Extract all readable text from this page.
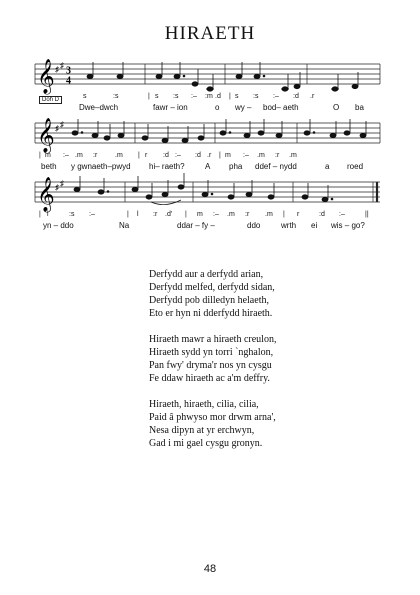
HIRAETH
𝄞 ♯ ♯ 3
4
Doh D	s	:s	| s :s :– :m .d | s :s :– :d .r
Dwe–dwch	fawr – ion	o wy – bod– aeth	O ba
𝄞 ♯ ♯
| m :– .m :r	.m | r :d :– :d .r | m :– .m :r .m
beth y gwnaeth–pwyd hi– raeth?	A pha ddef – nydd	a roed
𝄞 ♯ ♯
| l	:s :–	| l :r .d' | m :– .m :r .m | r	:d :–	||
yn – ddo	Na	ddar – fy –	ddo	wrth ei wis – go?
Derfydd aur a derfydd arian,
Derfydd melfed, derfydd sidan,
Derfydd pob dilledyn helaeth,
Eto er hyn ni dderfydd hiraeth.
Hiraeth mawr a hiraeth creulon,
Hiraeth sydd yn torri `nghalon,
Pan fwy' dryma'r nos yn cysgu
Fe ddaw hiraeth ac a'm deffry.
Hiraeth, hiraeth, cilia, cilia,
Paid â phwyso mor drwm arna',
Nesa dipyn at yr erchwyn,
Gad i mi gael cysgu gronyn.
48
